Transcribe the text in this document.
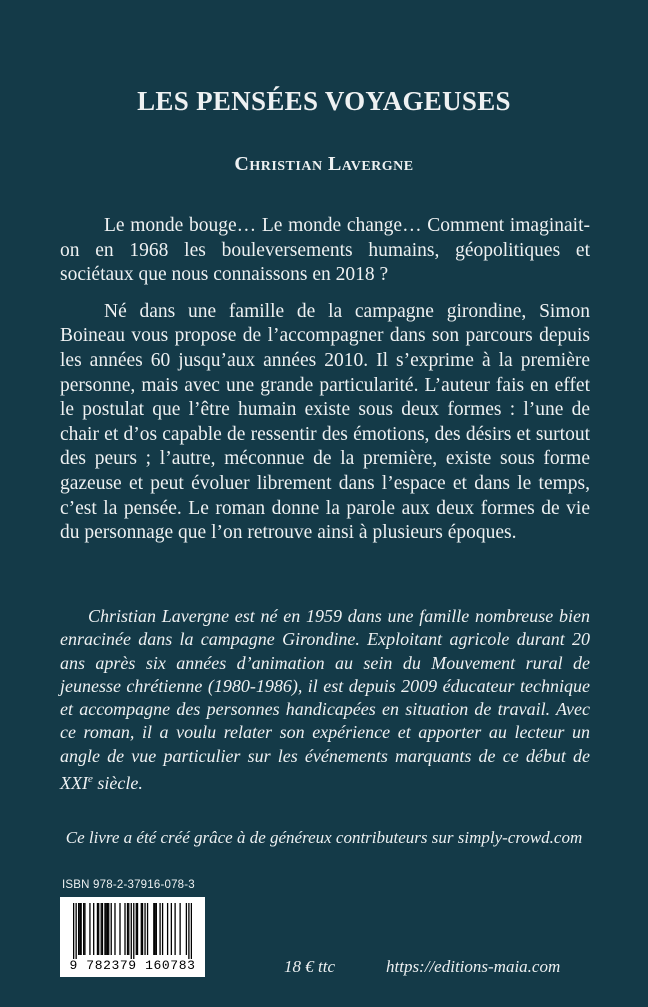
LES PENSÉES VOYAGEUSES
Christian Lavergne

Le monde bouge… Le monde change… Comment imaginait-on en 1968 les bouleversements humains, géopolitiques et sociétaux que nous connaissons en 2018 ?

Né dans une famille de la campagne girondine, Simon Boineau vous propose de l’accompagner dans son parcours depuis les années 60 jusqu’aux années 2010. Il s’exprime à la première personne, mais avec une grande particularité. L’auteur fais en effet le postulat que l’être humain existe sous deux formes : l’une de chair et d’os capable de ressentir des émotions, des désirs et surtout des peurs ; l’autre, méconnue de la première, existe sous forme gazeuse et peut évoluer librement dans l’espace et dans le temps, c’est la pensée. Le roman donne la parole aux deux formes de vie du personnage que l’on retrouve ainsi à plusieurs époques.

Christian Lavergne est né en 1959 dans une famille nombreuse bien enracinée dans la campagne Girondine. Exploitant agricole durant 20 ans après six années d’animation au sein du Mouvement rural de jeunesse chrétienne (1980-1986), il est depuis 2009 éducateur technique et accompagne des personnes handicapées en situation de travail. Avec ce roman, il a voulu relater son expérience et apporter au lecteur un angle de vue particulier sur les événements marquants de ce début de XXIe siècle.

Ce livre a été créé grâce à de généreux contributeurs sur simply-crowd.com

ISBN 978-2-37916-078-3

9 782379 160783	18 € ttc	https://editions-maia.com
